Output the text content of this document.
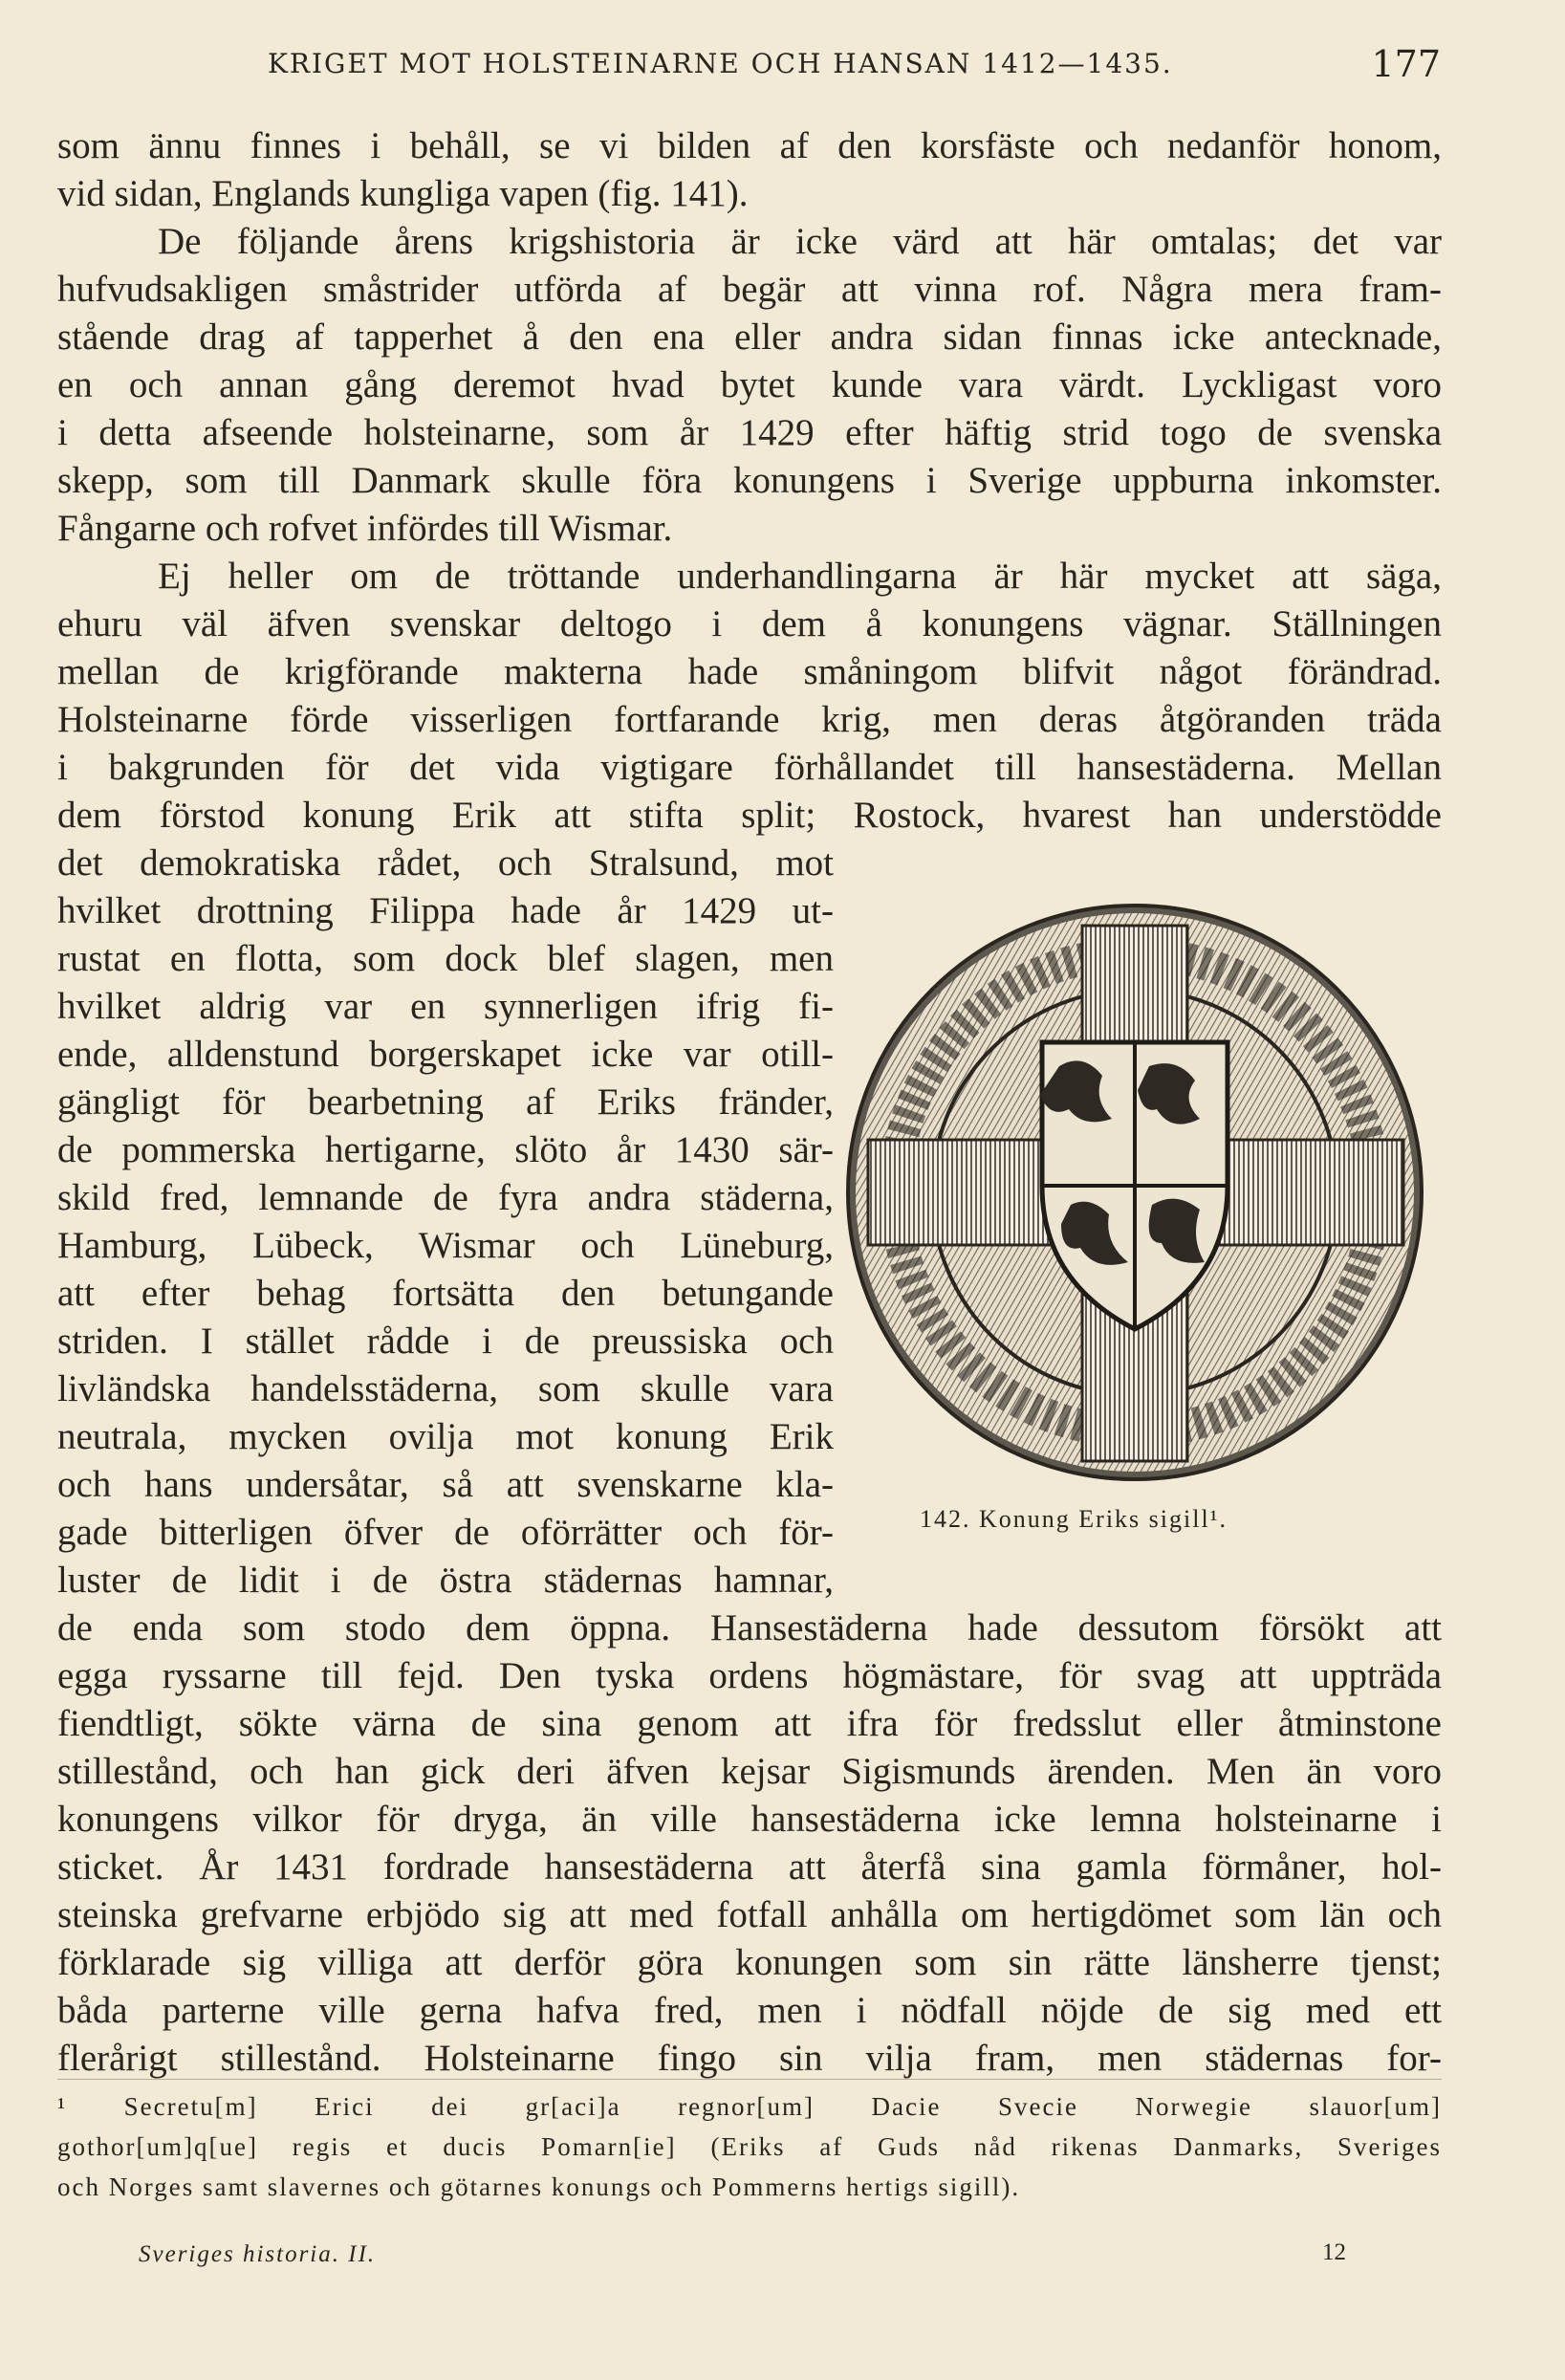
KRIGET MOT HOLSTEINARNE OCH HANSAN 1412—1435.	177
som ännu finnes i behåll, se vi bilden af den korsfäste och nedanför honom,
vid sidan, Englands kungliga vapen (fig. 141).
De följande årens krigshistoria är icke värd att här omtalas; det var
hufvudsakligen småstrider utförda af begär att vinna rof. Några mera fram-
stående drag af tapperhet å den ena eller andra sidan finnas icke antecknade,
en och annan gång deremot hvad bytet kunde vara värdt. Lyckligast voro
i detta afseende holsteinarne, som år 1429 efter häftig strid togo de svenska
skepp, som till Danmark skulle föra konungens i Sverige uppburna inkomster.
Fångarne och rofvet infördes till Wismar.
Ej heller om de tröttande underhandlingarna är här mycket att säga,
ehuru väl äfven svenskar deltogo i dem å konungens vägnar. Ställningen
mellan de krigförande makterna hade småningom blifvit något förändrad.
Holsteinarne förde visserligen fortfarande krig, men deras åtgöranden träda
i bakgrunden för det vida vigtigare förhållandet till hansestäderna. Mellan
dem förstod konung Erik att stifta split; Rostock, hvarest han understödde
det demokratiska rådet, och Stralsund, mot
hvilket drottning Filippa hade år 1429 ut-
rustat en flotta, som dock blef slagen, men
hvilket aldrig var en synnerligen ifrig fi-
ende, alldenstund borgerskapet icke var otill-
gängligt för bearbetning af Eriks fränder,
de pommerska hertigarne, slöto år 1430 sär-
skild fred, lemnande de fyra andra städerna,
Hamburg, Lübeck, Wismar och Lüneburg,
att efter behag fortsätta den betungande
striden. I stället rådde i de preussiska och
livländska handelsstäderna, som skulle vara
neutrala, mycken ovilja mot konung Erik
och hans undersåtar, så att svenskarne kla-
gade bitterligen öfver de oförrätter och för-
luster de lidit i de östra städernas hamnar,
de enda som stodo dem öppna. Hansestäderna hade dessutom försökt att
egga ryssarne till fejd. Den tyska ordens högmästare, för svag att uppträda
fiendtligt, sökte värna de sina genom att ifra för fredsslut eller åtminstone
stillestånd, och han gick deri äfven kejsar Sigismunds ärenden. Men än voro
konungens vilkor för dryga, än ville hansestäderna icke lemna holsteinarne i
sticket. År 1431 fordrade hansestäderna att återfå sina gamla förmåner, hol-
steinska grefvarne erbjödo sig att med fotfall anhålla om hertigdömet som län och
förklarade sig villiga att derför göra konungen som sin rätte länsherre tjenst;
båda parterne ville gerna hafva fred, men i nödfall nöjde de sig med ett
flerårigt stillestånd. Holsteinarne fingo sin vilja fram, men städernas for-
142. Konung Eriks sigill¹.
¹ Secretu[m] Erici dei gr[aci]a regnor[um] Dacie Svecie Norwegie slauor[um]
gothor[um]q[ue] regis et ducis Pomarn[ie] (Eriks af Guds nåd rikenas Danmarks, Sveriges
och Norges samt slavernes och götarnes konungs och Pommerns hertigs sigill).
Sveriges historia. II.	12
